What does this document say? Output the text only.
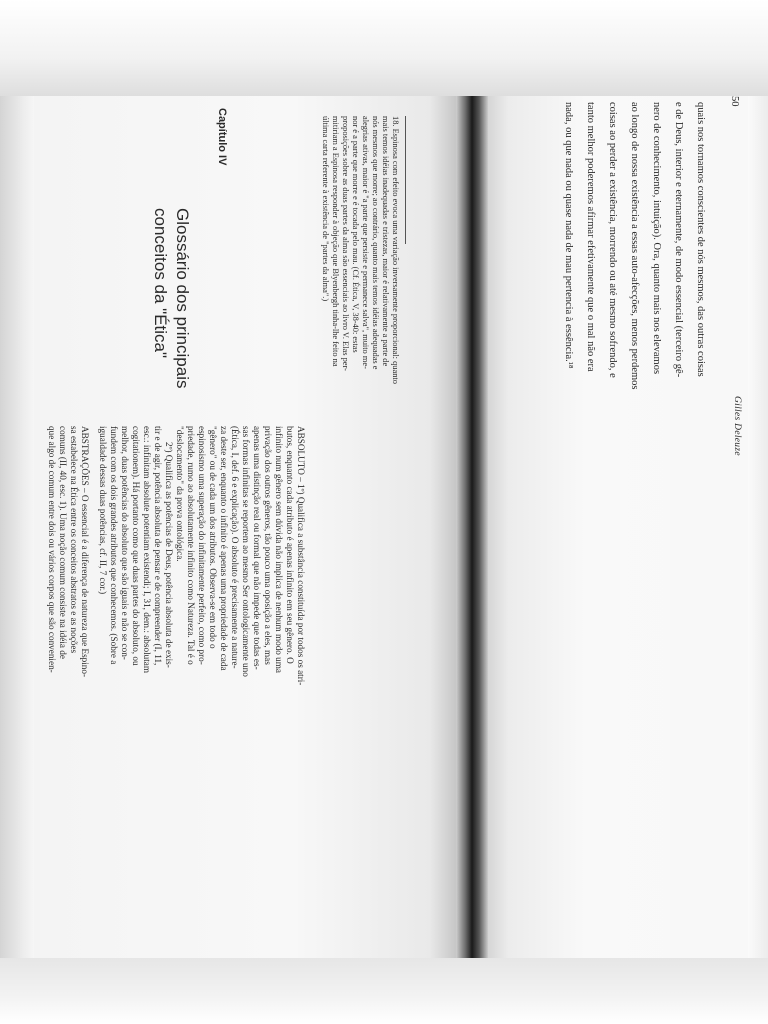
50

Gilles Deleuze

quais nos tornamos conscientes de nós mesmos, das outras coisas

e de Deus, interior e eternamente, de modo essencial (terceiro gê-

nero de conhecimento, intuição). Ora, quanto mais nos elevamos

ao longo de nossa existência a essas auto-afecções, menos perdemos

coisas ao perder a existência, morrendo ou até mesmo sofrendo, e

tanto melhor poderemos afirmar efetivamente que o mal não era

nada, ou que nada ou quase nada de mau pertencia à essência.¹⁸

18. Espinosa com efeito evoca uma variação inversamente proporcional: quanto

mais temos idéias inadequadas e tristezas, maior é relativamente a parte de

nós mesmos que morre; ao contrário, quanto mais temos idéias adequadas e

alegrias ativas, maior é "a parte que persiste e permanece salva", muito me-

nor é a parte que morre e é tocada pelo mau. (Cf. Ética, V, 38-40: estas

proposições sobre as duas partes da alma são essenciais ao livro V. Elas per-

mitiriam a Espinosa responder à objeção que Blyenbergh tinha-lhe feito na

última carta referente à existência de "partes da alma".)

Capítulo IV

Glossário dos principais

conceitos da "Ética"

ABSOLUTO – 1º) Qualifica a substância constituída por todos os atri-

butos, enquanto cada atributo é apenas infinito em seu gênero. O

infinito num gênero sem dúvida não implica de nenhum modo uma

privação dos outros gêneros, tão pouco uma oposição a eles, mas

apenas uma distinção real ou formal que não impede que todas es-

sas formas infinitas se reportem ao mesmo Ser ontologicamente uno

(Ética, I, def. 6 e explicação). O absoluto é precisamente a nature-

za deste ser, enquanto o infinito é apenas uma propriedade de cada

"gênero" ou de cada um dos atributos. Observa-se em todo o

espinosismo uma superação do infinitamente perfeito, como pro-

priedade, rumo ao absolutamente infinito como Natureza. Tal é o

"deslocamento" da prova ontológica.

2º) Qualifica as potências de Deus, potência absoluta de exis-

tir e de agir, potência absoluta de pensar e de compreender (I, 11,

esc.: infinitam absolute potentiam existendi; I, 31, dem.: absolutam

cogitationem). Há portanto como que duas partes do absoluto, ou

melhor, duas potências do absoluto que são iguais e não se con-

fundem com os dois grandes atributos que conhecemos. (Sobre a

igualdade dessas duas potências, cf. II, 7 cor.)

ABSTRAÇÕES – O essencial é a diferença de natureza que Espino-

sa estabelece na Ética entre os conceitos abstratos e as noções

comuns (II, 40, esc. 1). Uma noção comum consiste na idéia de

que algo de comum entre dois ou vários corpos que são convenien-
